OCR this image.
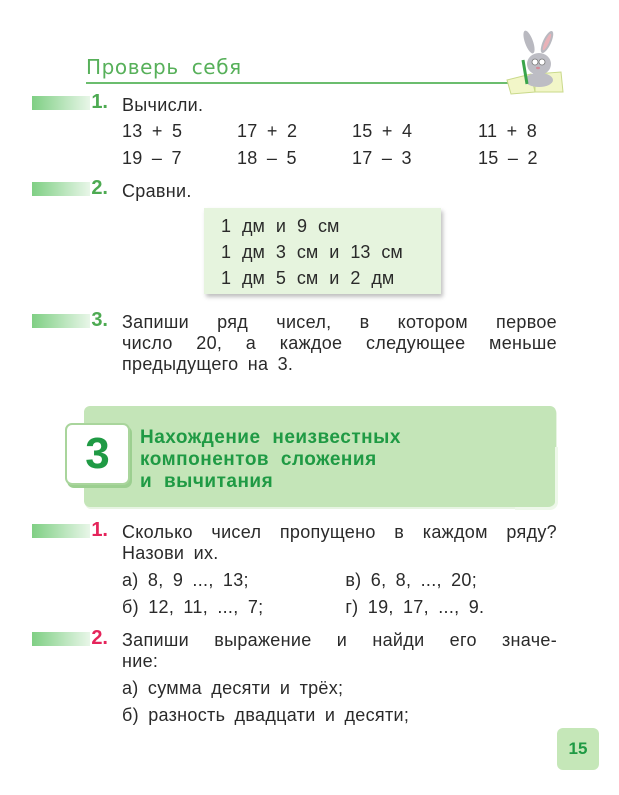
Проверь себя
1. Вычисли.
13 + 5	17 + 2	15 + 4	11 + 8
19 – 7	18 – 5	17 – 3	15 – 2
2. Сравни.
1 дм и 9 см
1 дм 3 см и 13 см
1 дм 5 см и 2 дм
3. Запиши ряд чисел, в котором первое
число 20, а каждое следующее меньше
предыдущего на 3.
3	Нахождение неизвестных
компонентов сложения
и вычитания
1. Сколько чисел пропущено в каждом ряду?
Назови их.
а) 8, 9 ..., 13;	в) 6, 8, ..., 20;
б) 12, 11, ..., 7;	г) 19, 17, ..., 9.
2. Запиши выражение и найди его значе-
ние:
а) сумма десяти и трёх;
б) разность двадцати и десяти;
15
